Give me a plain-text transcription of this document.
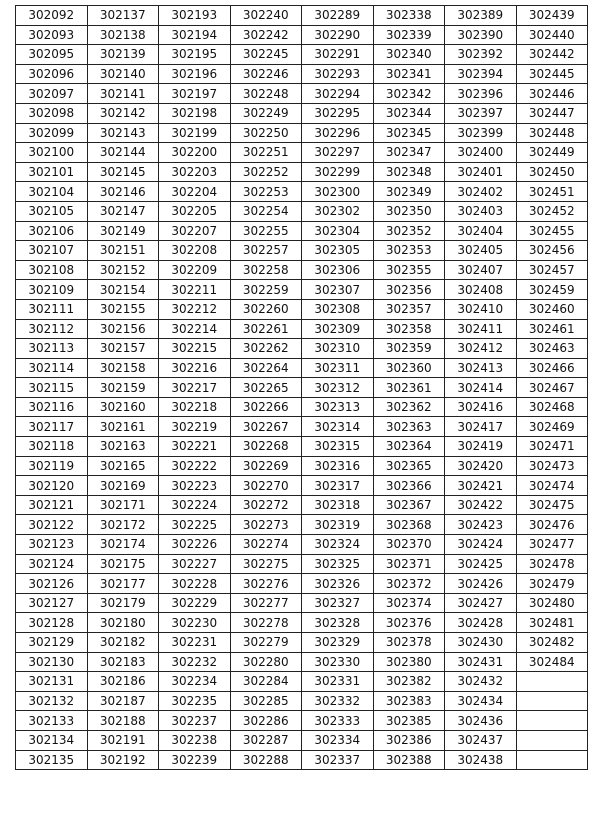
302092	302137	302193	302240	302289	302338	302389	302439
302093	302138	302194	302242	302290	302339	302390	302440
302095	302139	302195	302245	302291	302340	302392	302442
302096	302140	302196	302246	302293	302341	302394	302445
302097	302141	302197	302248	302294	302342	302396	302446
302098	302142	302198	302249	302295	302344	302397	302447
302099	302143	302199	302250	302296	302345	302399	302448
302100	302144	302200	302251	302297	302347	302400	302449
302101	302145	302203	302252	302299	302348	302401	302450
302104	302146	302204	302253	302300	302349	302402	302451
302105	302147	302205	302254	302302	302350	302403	302452
302106	302149	302207	302255	302304	302352	302404	302455
302107	302151	302208	302257	302305	302353	302405	302456
302108	302152	302209	302258	302306	302355	302407	302457
302109	302154	302211	302259	302307	302356	302408	302459
302111	302155	302212	302260	302308	302357	302410	302460
302112	302156	302214	302261	302309	302358	302411	302461
302113	302157	302215	302262	302310	302359	302412	302463
302114	302158	302216	302264	302311	302360	302413	302466
302115	302159	302217	302265	302312	302361	302414	302467
302116	302160	302218	302266	302313	302362	302416	302468
302117	302161	302219	302267	302314	302363	302417	302469
302118	302163	302221	302268	302315	302364	302419	302471
302119	302165	302222	302269	302316	302365	302420	302473
302120	302169	302223	302270	302317	302366	302421	302474
302121	302171	302224	302272	302318	302367	302422	302475
302122	302172	302225	302273	302319	302368	302423	302476
302123	302174	302226	302274	302324	302370	302424	302477
302124	302175	302227	302275	302325	302371	302425	302478
302126	302177	302228	302276	302326	302372	302426	302479
302127	302179	302229	302277	302327	302374	302427	302480
302128	302180	302230	302278	302328	302376	302428	302481
302129	302182	302231	302279	302329	302378	302430	302482
302130	302183	302232	302280	302330	302380	302431	302484
302131	302186	302234	302284	302331	302382	302432	
302132	302187	302235	302285	302332	302383	302434	
302133	302188	302237	302286	302333	302385	302436	
302134	302191	302238	302287	302334	302386	302437	
302135	302192	302239	302288	302337	302388	302438	
